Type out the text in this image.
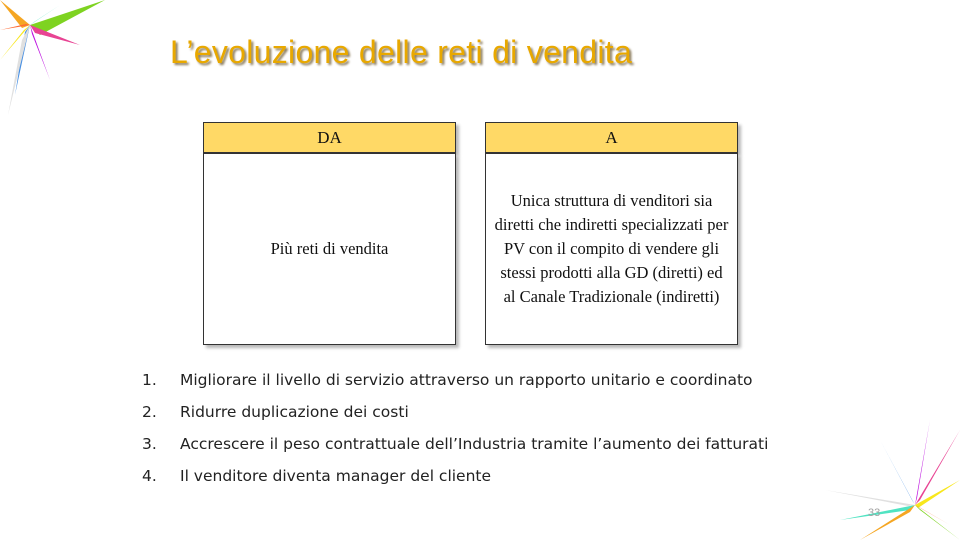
L’evoluzione delle reti di vendita
DA
Più reti di vendita
A
Unica struttura di venditori sia diretti che indiretti specializzati per PV con il compito di vendere gli stessi prodotti alla GD (diretti) ed al Canale Tradizionale (indiretti)
1.	Migliorare il livello di servizio attraverso un rapporto unitario e coordinato
2.	Ridurre duplicazione dei costi
3.	Accrescere il peso contrattuale dell’Industria tramite l’aumento dei fatturati
4.	Il venditore diventa manager del cliente
33
